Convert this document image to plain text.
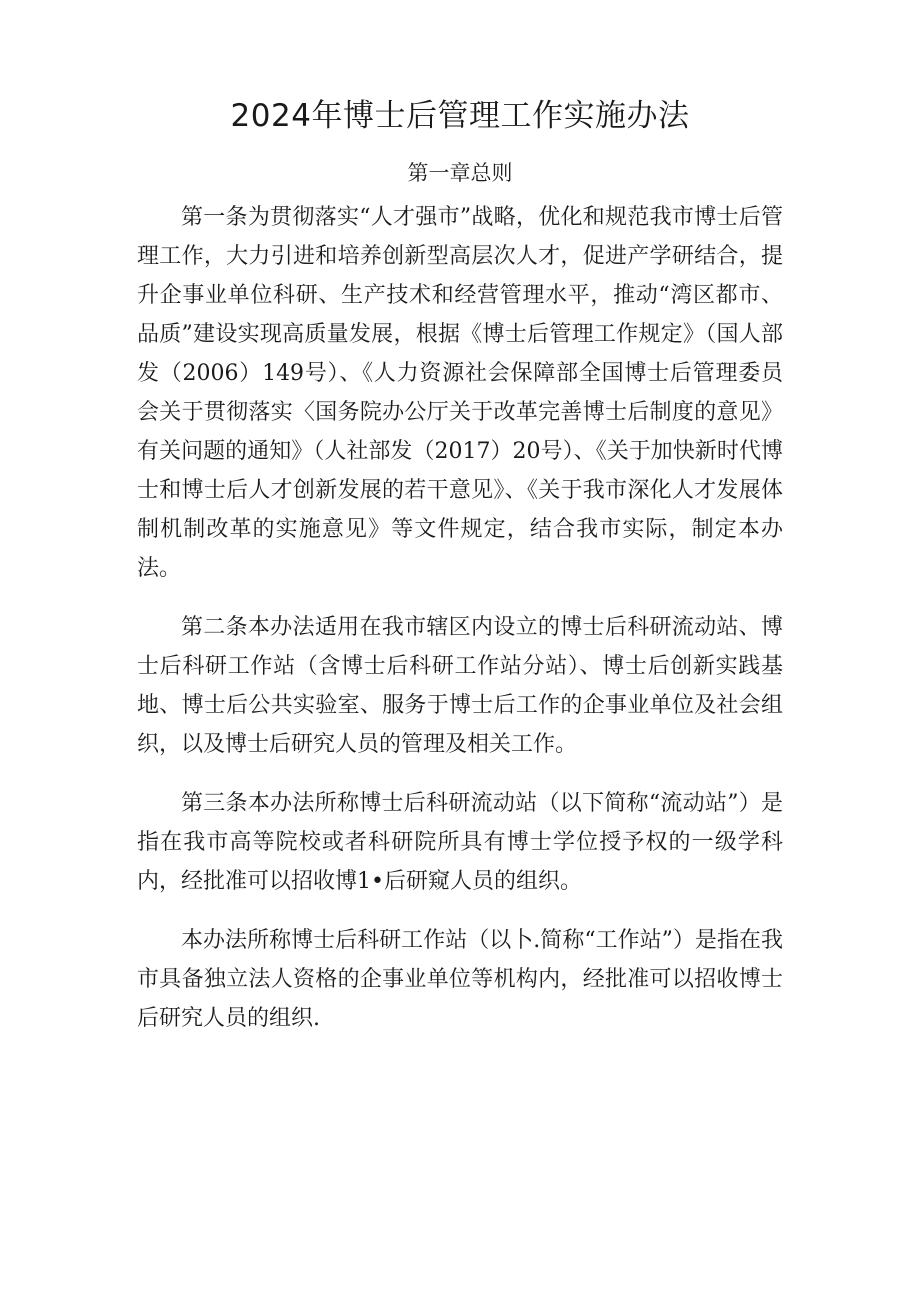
2024年博士后管理工作实施办法
第一章总则

第一条为贯彻落实“人才强市”战略，优化和规范我市博士后管理工作，大力引进和培养创新型高层次人才，促进产学研结合，提升企事业单位科研、生产技术和经营管理水平，推动“湾区都市、品质”建设实现高质量发展，根据《博士后管理工作规定》（国人部发（2006）149号）、《人力资源社会保障部全国博士后管理委员会关于贯彻落实〈国务院办公厅关于改革完善博士后制度的意见》有关问题的通知》（人社部发（2017）20号）、《关于加快新时代博士和博士后人才创新发展的若干意见》、《关于我市深化人才发展体制机制改革的实施意见》等文件规定，结合我市实际，制定本办法。

第二条本办法适用在我市辖区内设立的博士后科研流动站、博士后科研工作站（含博士后科研工作站分站）、博士后创新实践基地、博士后公共实验室、服务于博士后工作的企事业单位及社会组织，以及博士后研究人员的管理及相关工作。

第三条本办法所称博士后科研流动站（以下简称“流动站”）是指在我市高等院校或者科研院所具有博士学位授予权的一级学科内，经批准可以招收博1•后研窥人员的组织。

本办法所称博士后科研工作站（以卜.简称“工作站”）是指在我市具备独立法人资格的企事业单位等机构内，经批准可以招收博士后研究人员的组织.
